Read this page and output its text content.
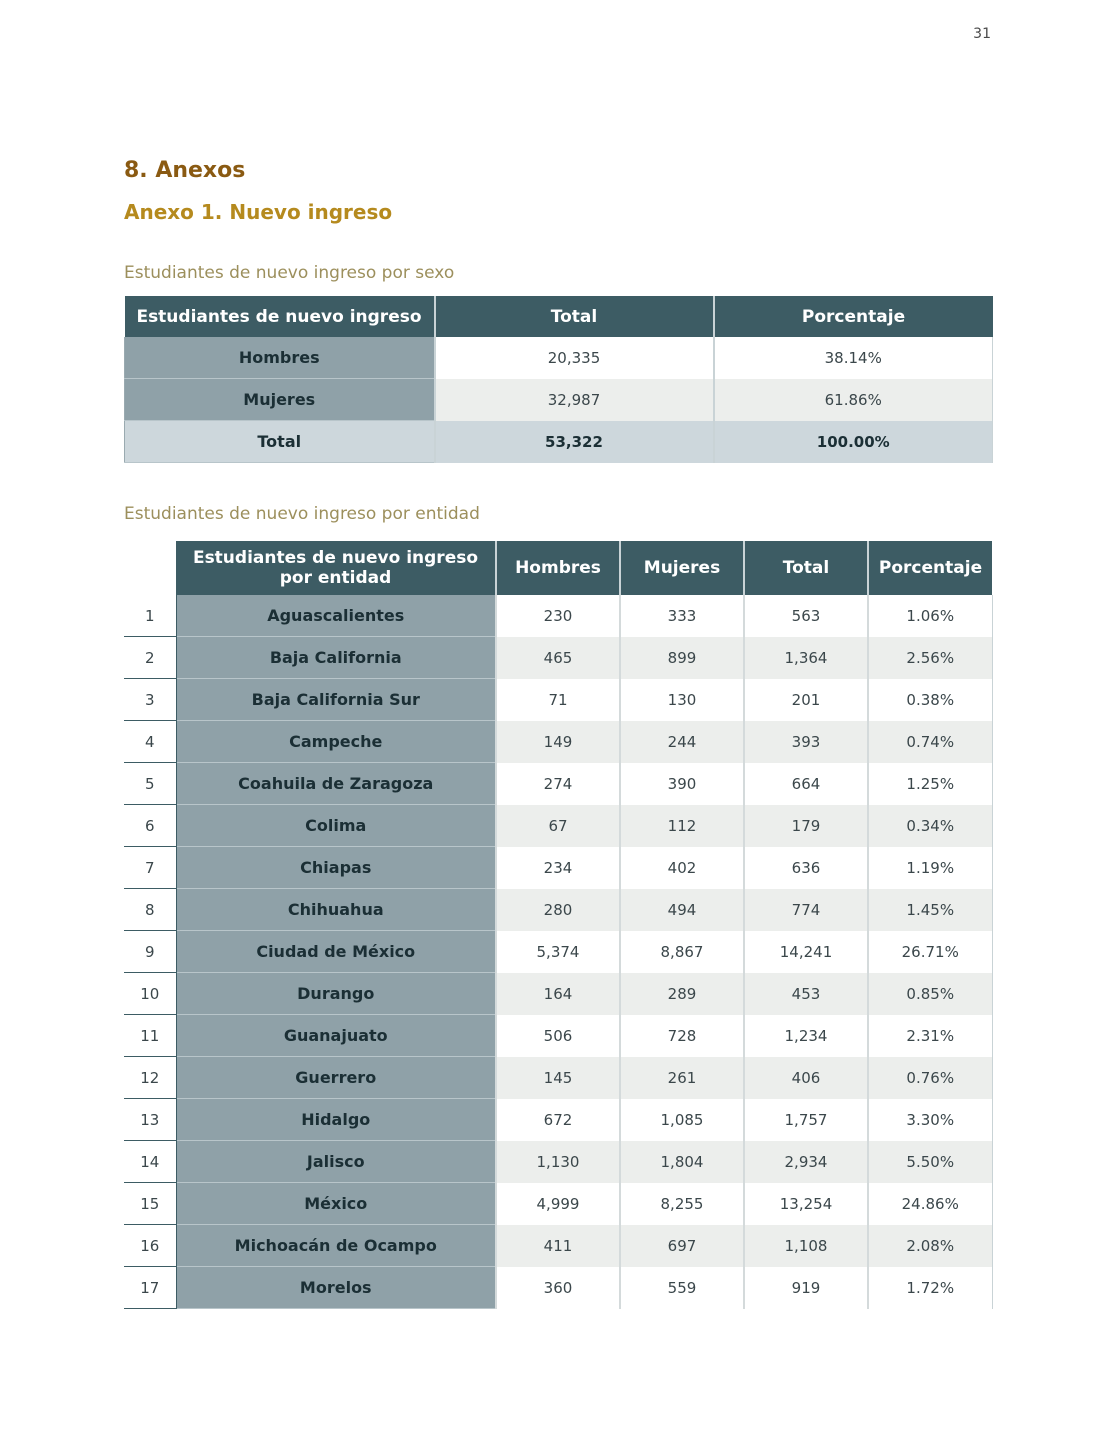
31
8. Anexos
Anexo 1. Nuevo ingreso

Estudiantes de nuevo ingreso por sexo

Estudiantes de nuevo ingreso	Total	Porcentaje
Hombres	20,335	38.14%
Mujeres	32,987	61.86%
Total	53,322	100.00%

Estudiantes de nuevo ingreso por entidad

	Estudiantes de nuevo ingreso por entidad	Hombres	Mujeres	Total	Porcentaje
1	Aguascalientes	230	333	563	1.06%
2	Baja California	465	899	1,364	2.56%
3	Baja California Sur	71	130	201	0.38%
4	Campeche	149	244	393	0.74%
5	Coahuila de Zaragoza	274	390	664	1.25%
6	Colima	67	112	179	0.34%
7	Chiapas	234	402	636	1.19%
8	Chihuahua	280	494	774	1.45%
9	Ciudad de México	5,374	8,867	14,241	26.71%
10	Durango	164	289	453	0.85%
11	Guanajuato	506	728	1,234	2.31%
12	Guerrero	145	261	406	0.76%
13	Hidalgo	672	1,085	1,757	3.30%
14	Jalisco	1,130	1,804	2,934	5.50%
15	México	4,999	8,255	13,254	24.86%
16	Michoacán de Ocampo	411	697	1,108	2.08%
17	Morelos	360	559	919	1.72%
